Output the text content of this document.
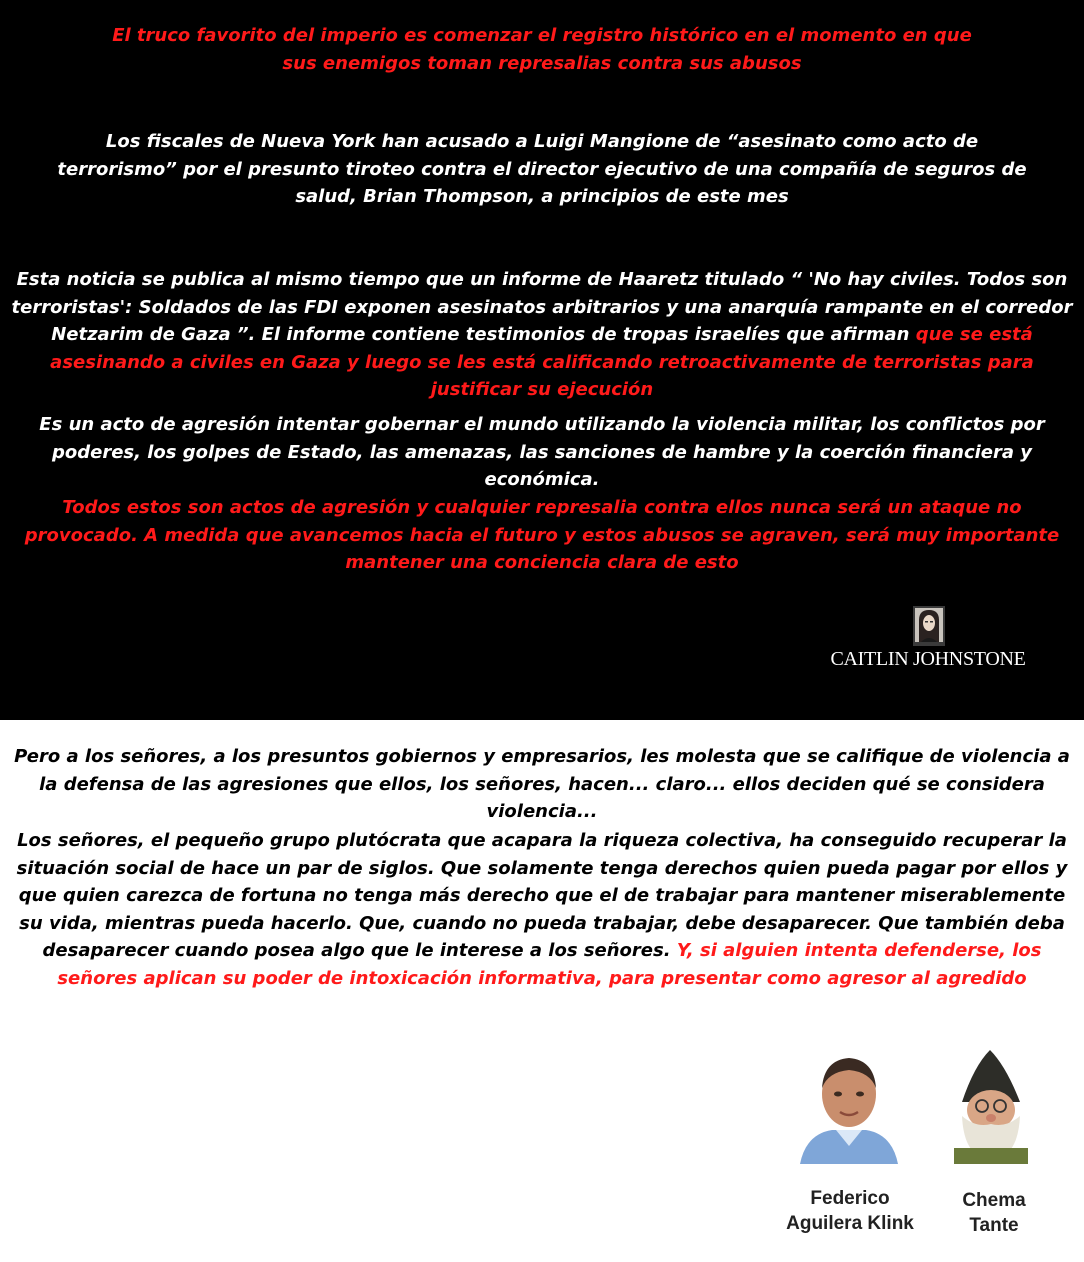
El truco favorito del imperio es comenzar el registro histórico en el momento en que sus enemigos toman represalias contra sus abusos

Los fiscales de Nueva York han acusado a Luigi Mangione de “asesinato como acto de terrorismo” por el presunto tiroteo contra el director ejecutivo de una compañía de seguros de salud, Brian Thompson, a principios de este mes

Esta noticia se publica al mismo tiempo que un informe de Haaretz titulado “ 'No hay civiles. Todos son terroristas': Soldados de las FDI exponen asesinatos arbitrarios y una anarquía rampante en el corredor Netzarim de Gaza ”. El informe contiene testimonios de tropas israelíes que afirman que se está asesinando a civiles en Gaza y luego se les está calificando retroactivamente de terroristas para justificar su ejecución

Es un acto de agresión intentar gobernar el mundo utilizando la violencia militar, los conflictos por poderes, los golpes de Estado, las amenazas, las sanciones de hambre y la coerción financiera y económica.

Todos estos son actos de agresión y cualquier represalia contra ellos nunca será un ataque no provocado. A medida que avancemos hacia el futuro y estos abusos se agraven, será muy importante mantener una conciencia clara de esto

CAITLIN JOHNSTONE

Pero a los señores, a los presuntos gobiernos y empresarios, les molesta que se califique de violencia a la defensa de las agresiones que ellos, los señores, hacen... claro... ellos deciden qué se considera violencia...

Los señores, el pequeño grupo plutócrata que acapara la riqueza colectiva, ha conseguido recuperar la situación social de hace un par de siglos. Que solamente tenga derechos quien pueda pagar por ellos y que quien carezca de fortuna no tenga más derecho que el de trabajar para mantener miserablemente su vida, mientras pueda hacerlo. Que, cuando no pueda trabajar, debe desaparecer. Que también deba desaparecer cuando posea algo que le interese a los señores. Y, si alguien intenta defenderse, los señores aplican su poder de intoxicación informativa, para presentar como agresor al agredido

Federico
Aguilera Klink
Chema
Tante
